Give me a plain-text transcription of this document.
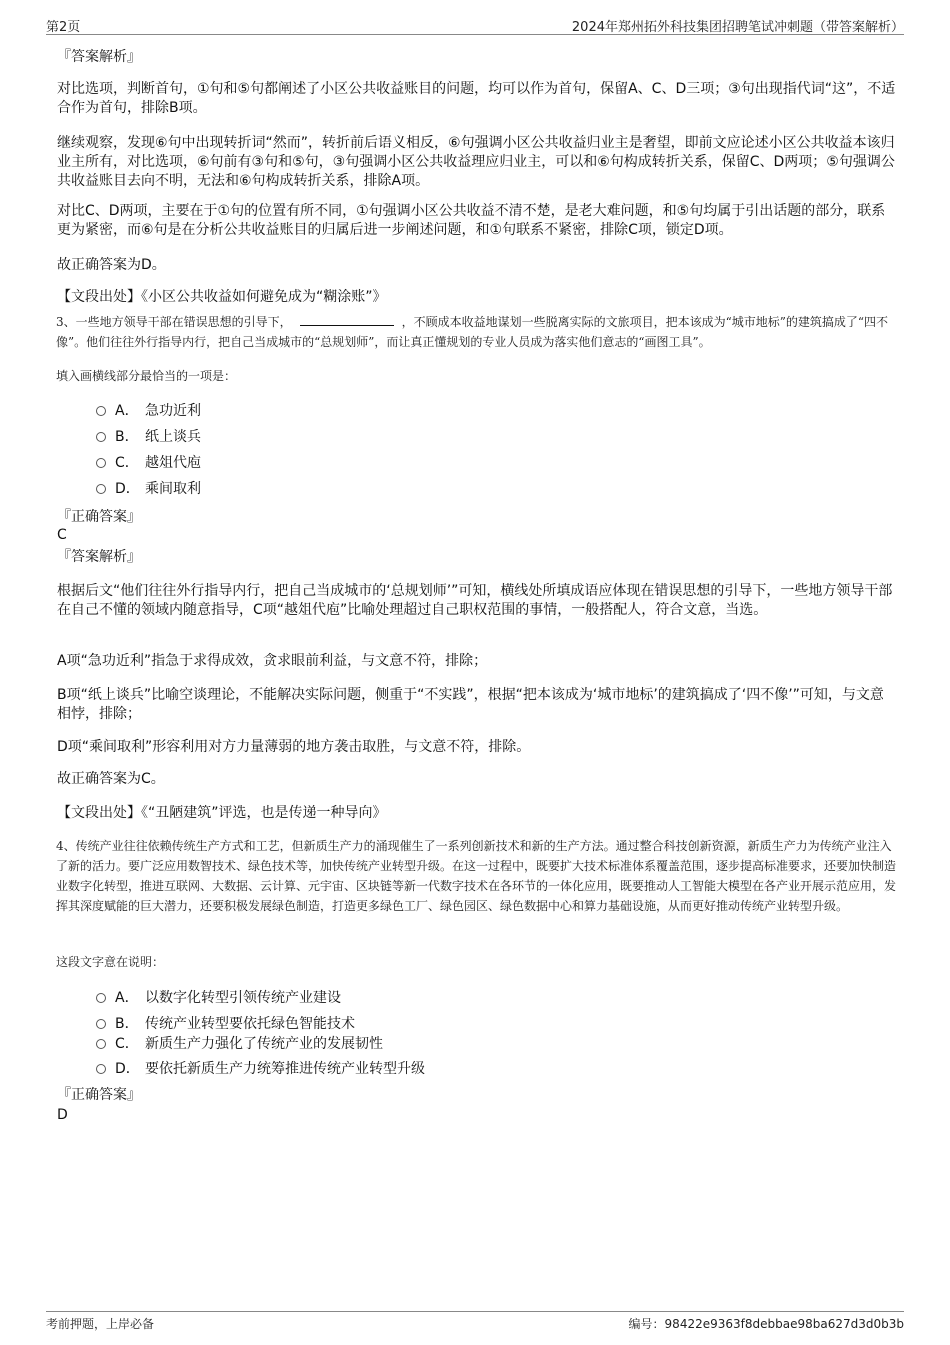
第2页	2024年郑州拓外科技集团招聘笔试冲刺题（带答案解析）

『答案解析』

对比选项，判断首句，①句和⑤句都阐述了小区公共收益账目的问题，均可以作为首句，保留A、C、D三项；③句出现指代词“这”，不适合作为首句，排除B项。

继续观察，发现⑥句中出现转折词“然而”，转折前后语义相反，⑥句强调小区公共收益归业主是奢望，即前文应论述小区公共收益本该归业主所有，对比选项，⑥句前有③句和⑤句，③句强调小区公共收益理应归业主，可以和⑥句构成转折关系，保留C、D两项；⑤句强调公共收益账目去向不明，无法和⑥句构成转折关系，排除A项。

对比C、D两项，主要在于①句的位置有所不同，①句强调小区公共收益不清不楚，是老大难问题，和⑤句均属于引出话题的部分，联系更为紧密，而⑥句是在分析公共收益账目的归属后进一步阐述问题，和①句联系不紧密，排除C项，锁定D项。

故正确答案为D。

【文段出处】《小区公共收益如何避免成为“糊涂账”》

3、一些地方领导干部在错误思想的引导下，	，不顾成本收益地谋划一些脱离实际的文旅项目，把本该成为“城市地标”的建筑搞成了“四不像”。他们往往外行指导内行，把自己当成城市的“总规划师”，而让真正懂规划的专业人员成为落实他们意志的“画图工具”。

填入画横线部分最恰当的一项是：

A． 急功近利
B． 纸上谈兵
C． 越俎代庖
D． 乘间取利

『正确答案』

C

『答案解析』

根据后文“他们往往外行指导内行，把自己当成城市的‘总规划师’”可知，横线处所填成语应体现在错误思想的引导下，一些地方领导干部在自己不懂的领域内随意指导，C项“越俎代庖”比喻处理超过自己职权范围的事情，一般搭配人，符合文意，当选。

A项“急功近利”指急于求得成效，贪求眼前利益，与文意不符，排除；

B项“纸上谈兵”比喻空谈理论，不能解决实际问题，侧重于“不实践”，根据“把本该成为‘城市地标’的建筑搞成了‘四不像’”可知，与文意相悖，排除；

D项“乘间取利”形容利用对方力量薄弱的地方袭击取胜，与文意不符，排除。

故正确答案为C。

【文段出处】《“丑陋建筑”评选，也是传递一种导向》

4、传统产业往往依赖传统生产方式和工艺，但新质生产力的涌现催生了一系列创新技术和新的生产方法。通过整合科技创新资源，新质生产力为传统产业注入了新的活力。要广泛应用数智技术、绿色技术等，加快传统产业转型升级。在这一过程中，既要扩大技术标准体系覆盖范围，逐步提高标准要求，还要加快制造业数字化转型，推进互联网、大数据、云计算、元宇宙、区块链等新一代数字技术在各环节的一体化应用，既要推动人工智能大模型在各产业开展示范应用，发挥其深度赋能的巨大潜力，还要积极发展绿色制造，打造更多绿色工厂、绿色园区、绿色数据中心和算力基础设施，从而更好推动传统产业转型升级。

这段文字意在说明：

A． 以数字化转型引领传统产业建设
B． 传统产业转型要依托绿色智能技术
C． 新质生产力强化了传统产业的发展韧性
D． 要依托新质生产力统筹推进传统产业转型升级

『正确答案』

D

考前押题，上岸必备	编号：98422e9363f8debbae98ba627d3d0b3b
